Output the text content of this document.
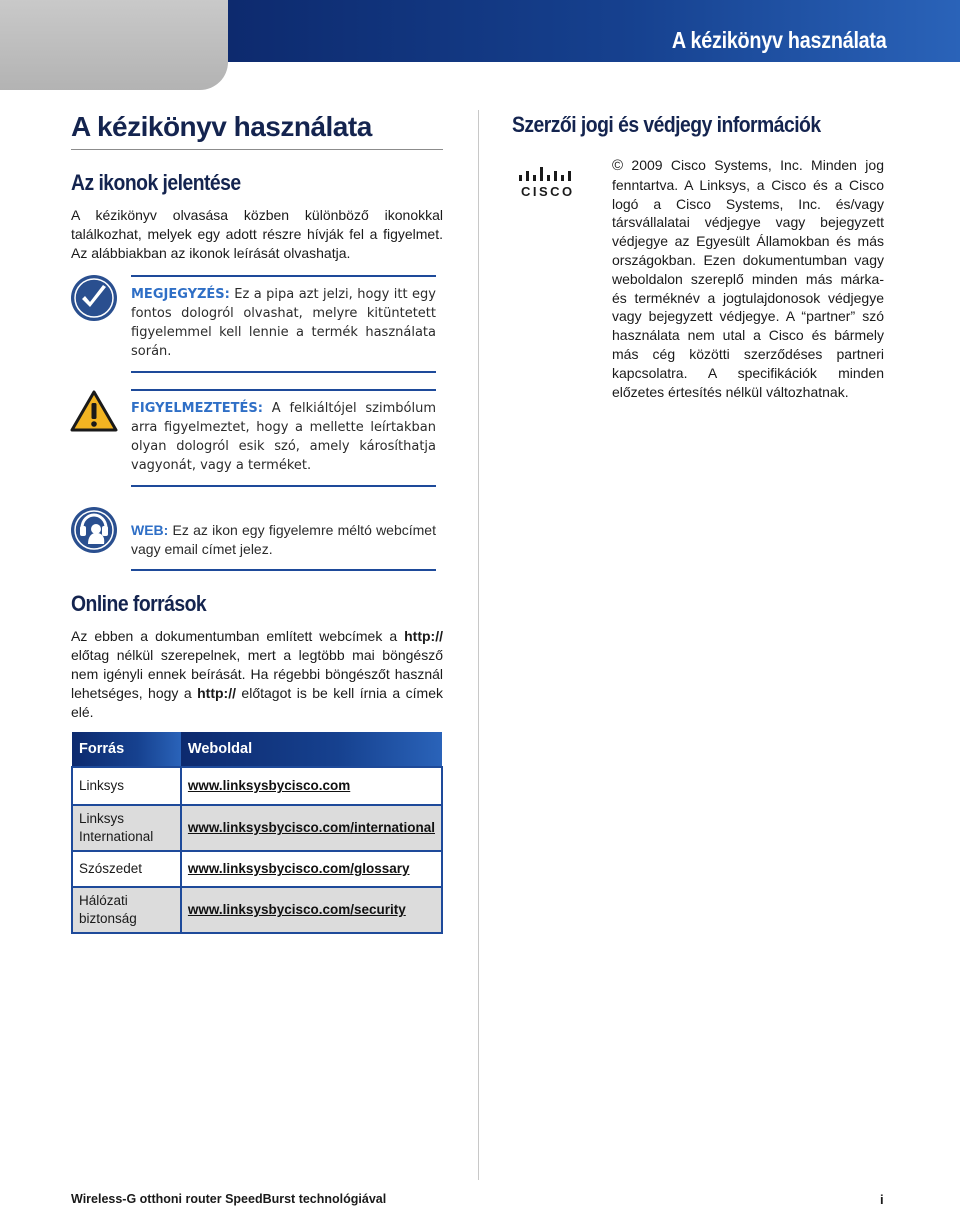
A kézikönyv használata
A kézikönyv használata
Az ikonok jelentése
A kézikönyv olvasása közben különböző ikonokkal találkozhat, melyek egy adott részre hívják fel a figyelmet. Az alábbiakban az ikonok leírását olvashatja.
MEGJEGYZÉS: Ez a pipa azt jelzi, hogy itt egy fontos dologról olvashat, melyre kitüntetett figyelemmel kell lennie a termék használata során.
FIGYELMEZTETÉS: A felkiáltójel szimbólum arra figyelmeztet, hogy a mellette leírtakban olyan dologról esik szó, amely károsíthatja vagyonát, vagy a terméket.
WEB: Ez az ikon egy figyelemre méltó webcímet vagy email címet jelez.
Online források
Az ebben a dokumentumban említett webcímek a http:// előtag nélkül szerepelnek, mert a legtöbb mai böngésző nem igényli ennek beírását. Ha régebbi böngészőt használ lehetséges, hogy a http:// előtagot is be kell írnia a címek elé.
Forrás	Weboldal
Linksys	www.linksysbycisco.com
Linksys International	www.linksysbycisco.com/international
Szószedet	www.linksysbycisco.com/glossary
Hálózati biztonság	www.linksysbycisco.com/security
Szerzői jogi és védjegy információk
CISCO
© 2009 Cisco Systems, Inc. Minden jog fenntartva. A Linksys, a Cisco és a Cisco logó a Cisco Systems, Inc. és/vagy társvállalatai védjegye vagy bejegyzett védjegye az Egyesült Államokban és más országokban. Ezen dokumentumban vagy weboldalon szereplő minden más márka- és terméknév a jogtulajdonosok védjegye vagy bejegyzett védjegye. A “partner” szó használata nem utal a Cisco és bármely más cég közötti szerződéses partneri kapcsolatra. A specifikációk minden előzetes értesítés nélkül változhatnak.
Wireless-G otthoni router SpeedBurst technológiával	i
